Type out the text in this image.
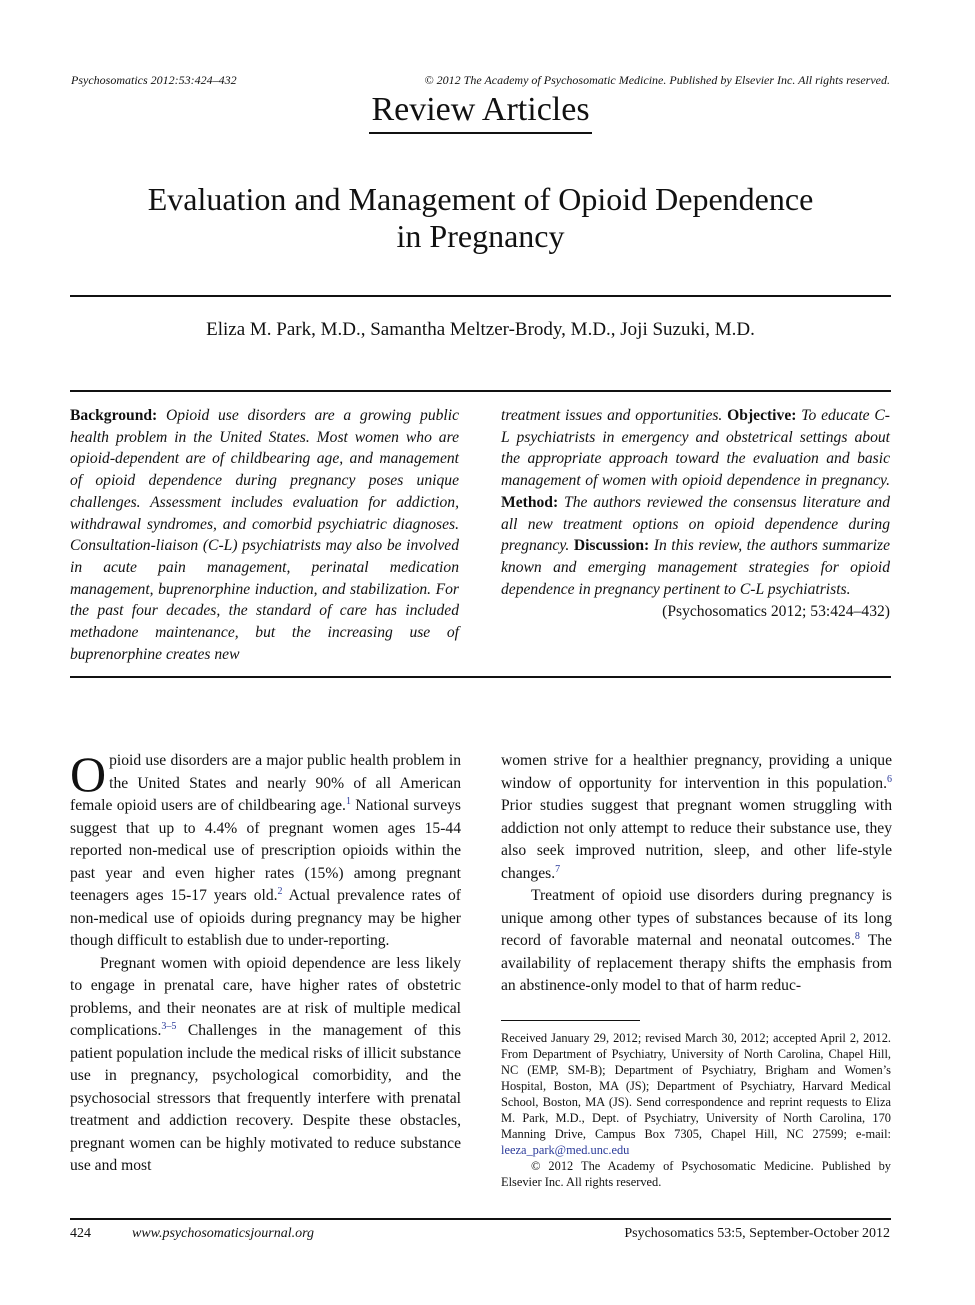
Psychosomatics 2012:53:424–432	© 2012 The Academy of Psychosomatic Medicine. Published by Elsevier Inc. All rights reserved.
Review Articles
Evaluation and Management of Opioid Dependence
in Pregnancy
Eliza M. Park, M.D., Samantha Meltzer-Brody, M.D., Joji Suzuki, M.D.
Background: Opioid use disorders are a growing public health problem in the United States. Most women who are opioid-dependent are of childbearing age, and management of opioid dependence during pregnancy poses unique challenges. Assessment includes evaluation for addiction, withdrawal syndromes, and comorbid psychiatric diagnoses. Consultation-liaison (C-L) psychiatrists may also be involved in acute pain management, perinatal medication management, buprenorphine induction, and stabilization. For the past four decades, the standard of care has included methadone maintenance, but the increasing use of buprenorphine creates new
treatment issues and opportunities. Objective: To educate C-L psychiatrists in emergency and obstetrical settings about the appropriate approach toward the evaluation and basic management of women with opioid dependence in pregnancy. Method: The authors reviewed the consensus literature and all new treatment options on opioid dependence during pregnancy. Discussion: In this review, the authors summarize known and emerging management strategies for opioid dependence in pregnancy pertinent to C-L psychiatrists.
(Psychosomatics 2012; 53:424–432)

Opioid use disorders are a major public health problem in the United States and nearly 90% of all American female opioid users are of childbearing age.$^1$ National surveys suggest that up to 4.4% of pregnant women ages 15-44 reported non-medical use of prescription opioids within the past year and even higher rates (15%) among pregnant teenagers ages 15-17 years old.$^2$ Actual prevalence rates of non-medical use of opioids during pregnancy may be higher though difficult to establish due to under-reporting.

Pregnant women with opioid dependence are less likely to engage in prenatal care, have higher rates of obstetric problems, and their neonates are at risk of multiple medical complications.$^{3-5}$ Challenges in the management of this patient population include the medical risks of illicit substance use in pregnancy, psychological comorbidity, and the psychosocial stressors that frequently interfere with prenatal treatment and addiction recovery. Despite these obstacles, pregnant women can be highly motivated to reduce substance use and most

women strive for a healthier pregnancy, providing a unique window of opportunity for intervention in this population.$^6$ Prior studies suggest that pregnant women struggling with addiction not only attempt to reduce their substance use, they also seek improved nutrition, sleep, and other life-style changes.$^7$

Treatment of opioid use disorders during pregnancy is unique among other types of substances because of its long record of favorable maternal and neonatal outcomes.$^8$ The availability of replacement therapy shifts the emphasis from an abstinence-only model to that of harm reduc-

Received January 29, 2012; revised March 30, 2012; accepted April 2, 2012. From Department of Psychiatry, University of North Carolina, Chapel Hill, NC (EMP, SM-B); Department of Psychiatry, Brigham and Women’s Hospital, Boston, MA (JS); Department of Psychiatry, Harvard Medical School, Boston, MA (JS). Send correspondence and reprint requests to Eliza M. Park, M.D., Dept. of Psychiatry, University of North Carolina, 170 Manning Drive, Campus Box 7305, Chapel Hill, NC 27599; e-mail: leeza_park@med.unc.edu
© 2012 The Academy of Psychosomatic Medicine. Published by Elsevier Inc. All rights reserved.
424	www.psychosomaticsjournal.org	Psychosomatics 53:5, September-October 2012
